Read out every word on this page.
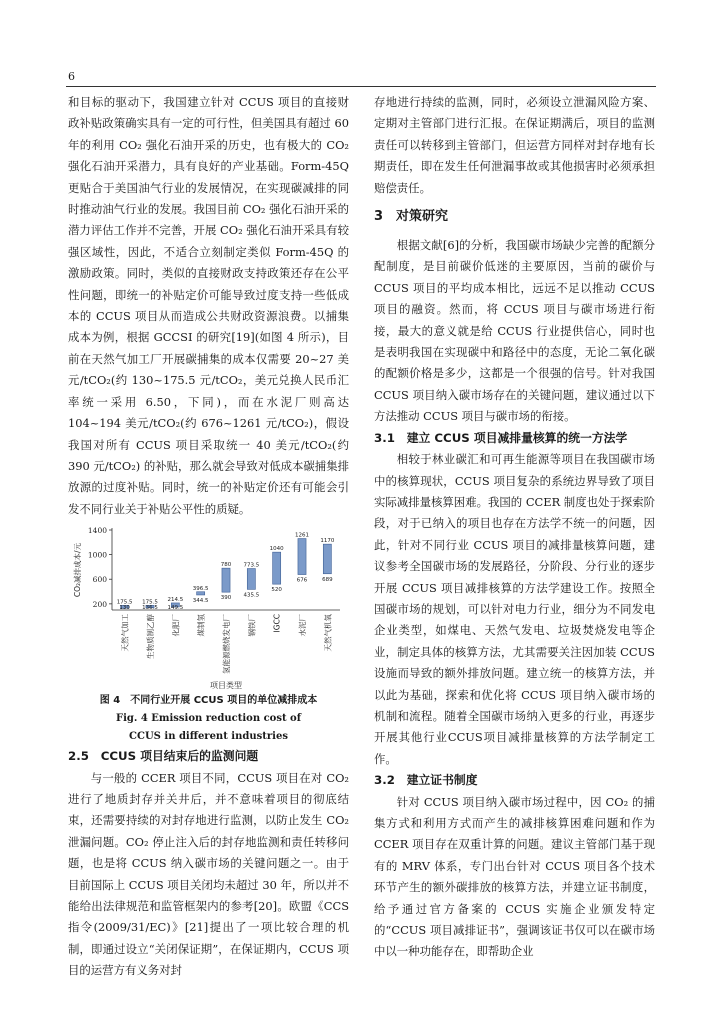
6

和目标的驱动下，我国建立针对 CCUS 项目的直接财政补贴政策确实具有一定的可行性，但美国具有超过 60 年的利用 CO₂ 强化石油开采的历史，也有极大的 CO₂ 强化石油开采潜力，具有良好的产业基础。Form-45Q 更贴合于美国油气行业的发展情况，在实现碳减排的同时推动油气行业的发展。我国目前 CO₂ 强化石油开采的潜力评估工作并不完善，开展 CO₂ 强化石油开采具有较强区域性，因此，不适合立刻制定类似 Form-45Q 的激励政策。同时，类似的直接财政支持政策还存在公平性问题，即统一的补贴定价可能导致过度支持一些低成本的 CCUS 项目从而造成公共财政资源浪费。以捕集成本为例，根据 GCCSI 的研究[19](如图 4 所示)，目前在天然气加工厂开展碳捕集的成本仅需要 20~27 美元/tCO₂(约 130~175.5 元/tCO₂，美元兑换人民币汇率统一采用 6.50，下同)，而在水泥厂则高达 104~194 美元/tCO₂(约 676~1261 元/tCO₂)，假设我国对所有 CCUS 项目采取统一 40 美元/tCO₂(约 390 元/tCO₂) 的补贴，那么就会导致对低成本碳捕集排放源的过度补贴。同时，统一的补贴定价还有可能会引发不同行业关于补贴公平性的质疑。

200
600
1000
1400
CO₂减排成本/元
175.5
130
天然气加工
175.5
136.5
生物质制乙醇
214.5
149.5
化肥厂
396.5
344.5
煤制氢
780
390
氢能源燃烧发电厂
773.5
435.5
钢铁厂
1040
520
IGCC
1261
676
水泥厂
1170
689
天然气机氧
项目类型

图 4　不同行业开展 CCUS 项目的单位减排成本

Fig. 4 Emission reduction cost of

CCUS in different industries

2.5　CCUS 项目结束后的监测问题

与一般的 CCER 项目不同，CCUS 项目在对 CO₂ 进行了地质封存并关井后，并不意味着项目的彻底结束，还需要持续的对封存地进行监测，以防止发生 CO₂ 泄漏问题。CO₂ 停止注入后的封存地监测和责任转移问题，也是将 CCUS 纳入碳市场的关键问题之一。由于目前国际上 CCUS 项目关闭均未超过 30 年，所以并不能给出法律规范和监管框架内的参考[20]。欧盟《CCS 指令(2009/31/EC)》[21]提出了一项比较合理的机制，即通过设立“关闭保证期”，在保证期内，CCUS 项目的运营方有义务对封

存地进行持续的监测，同时，必须设立泄漏风险方案、定期对主管部门进行汇报。在保证期满后，项目的监测责任可以转移到主管部门，但运营方同样对封存地有长期责任，即在发生任何泄漏事故或其他损害时必须承担赔偿责任。

3　对策研究

根据文献[6]的分析，我国碳市场缺少完善的配额分配制度，是目前碳价低迷的主要原因，当前的碳价与 CCUS 项目的平均成本相比，远远不足以推动 CCUS 项目的融资。然而，将 CCUS 项目与碳市场进行衔接，最大的意义就是给 CCUS 行业提供信心，同时也是表明我国在实现碳中和路径中的态度，无论二氧化碳的配额价格是多少，这都是一个很强的信号。针对我国 CCUS 项目纳入碳市场存在的关键问题，建议通过以下方法推动 CCUS 项目与碳市场的衔接。

3.1　建立 CCUS 项目减排量核算的统一方法学

相较于林业碳汇和可再生能源等项目在我国碳市场中的核算现状，CCUS 项目复杂的系统边界导致了项目实际减排量核算困难。我国的 CCER 制度也处于探索阶段，对于已纳入的项目也存在方法学不统一的问题，因此，针对不同行业 CCUS 项目的减排量核算问题，建议参考全国碳市场的发展路径，分阶段、分行业的逐步开展 CCUS 项目减排核算的方法学建设工作。按照全国碳市场的规划，可以针对电力行业，细分为不同发电企业类型，如煤电、天然气发电、垃圾焚烧发电等企业，制定具体的核算方法，尤其需要关注因加装 CCUS 设施而导致的额外排放问题。建立统一的核算方法，并以此为基础，探索和优化将 CCUS 项目纳入碳市场的机制和流程。随着全国碳市场纳入更多的行业，再逐步开展其他行业CCUS项目减排量核算的方法学制定工作。

3.2　建立证书制度

针对 CCUS 项目纳入碳市场过程中，因 CO₂ 的捕集方式和利用方式而产生的减排核算困难问题和作为 CCER 项目存在双重计算的问题。建议主管部门基于现有的 MRV 体系，专门出台针对 CCUS 项目各个技术环节产生的额外碳排放的核算方法，并建立证书制度，给予通过官方备案的 CCUS 实施企业颁发特定的“CCUS 项目减排证书”，强调该证书仅可以在碳市场中以一种功能存在，即帮助企业
